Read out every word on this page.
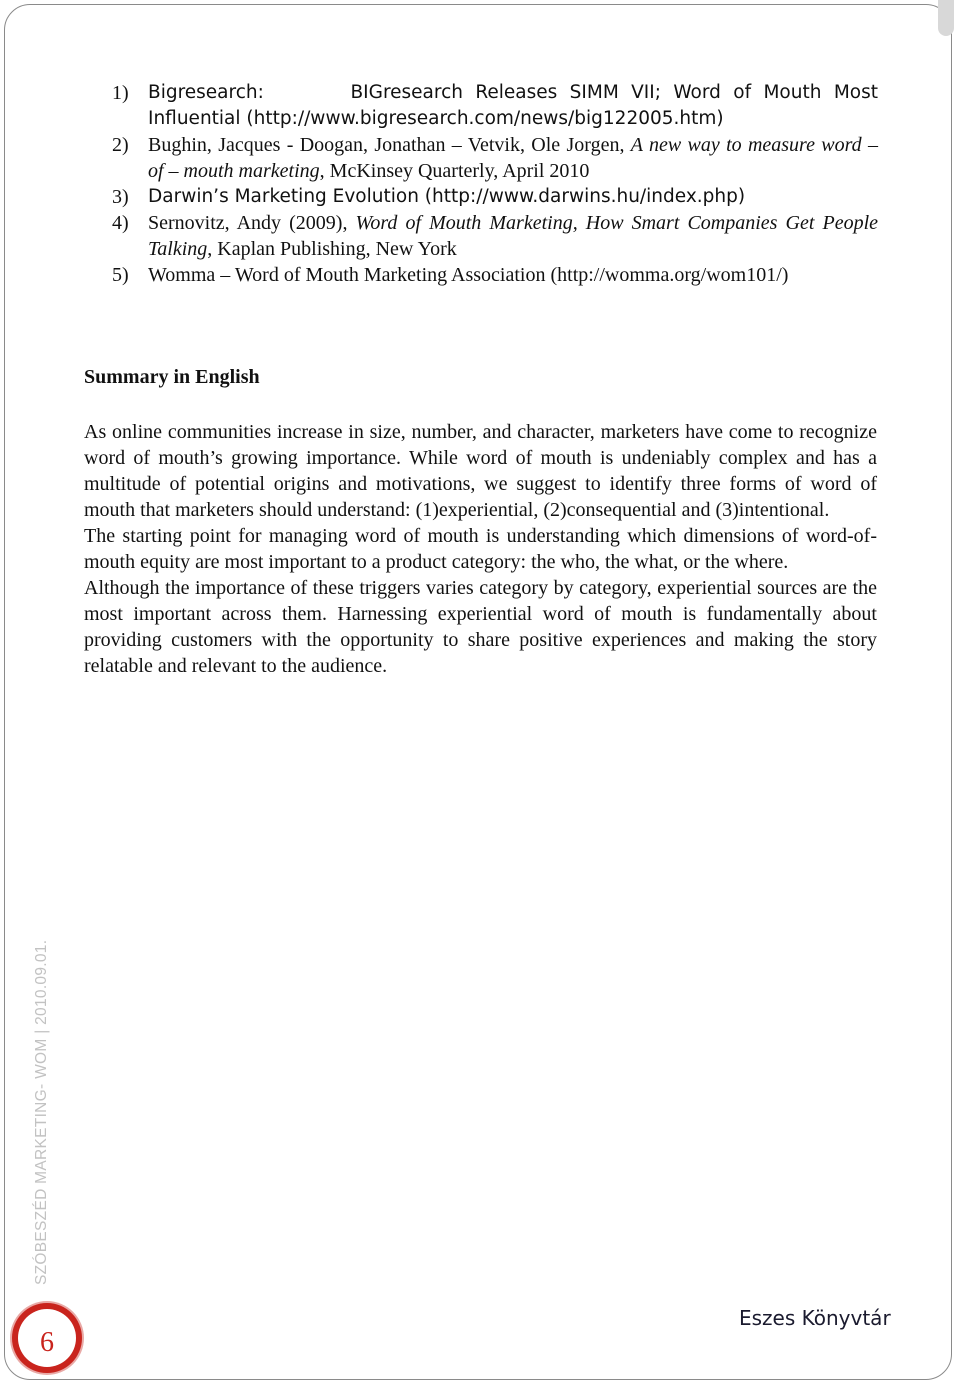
1)	Bigresearch:       BIGresearch Releases SIMM VII; Word of Mouth Most Influential (http://www.bigresearch.com/news/big122005.htm)
2) Bughin, Jacques - Doogan, Jonathan – Vetvik, Ole Jorgen, A new way to measure word – of – mouth marketing, McKinsey Quarterly, April 2010
3)	Darwin’s Marketing Evolution (http://www.darwins.hu/index.php)
4) Sernovitz, Andy (2009), Word of Mouth Marketing, How Smart Companies Get People Talking, Kaplan Publishing, New York
5) Womma – Word of Mouth Marketing Association (http://womma.org/wom101/)
Summary in English

As online communities increase in size, number, and character, marketers have come to recognize word of mouth’s growing importance. While word of mouth is undeniably complex and has a multitude of potential origins and motivations, we suggest to identify three forms of word of mouth that marketers should understand: (1)experiential, (2)consequential and (3)intentional.

The starting point for managing word of mouth is understanding which dimensions of word-of-mouth equity are most important to a product category: the who, the what, or the where.

Although the importance of these triggers varies category by category, experiential sources are the most important across them. Harnessing experiential word of mouth is fundamentally about providing customers with the opportunity to share positive experiences and making the story relatable and relevant to the audience.

SZÓBESZÉD MARKETING- WOM | 2010.09.01.
6
Eszes Könyvtár
